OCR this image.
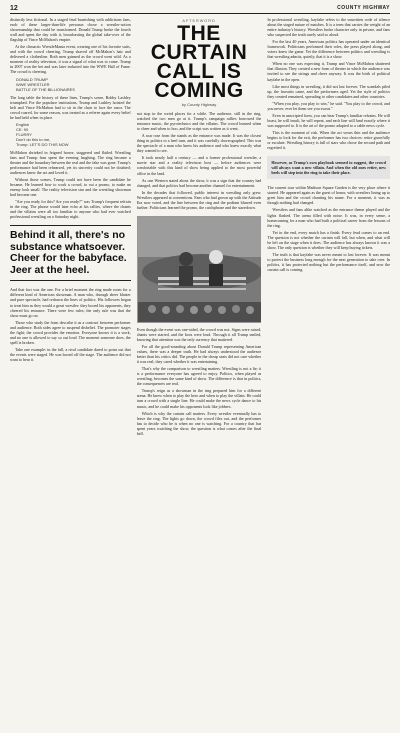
12	COUNTY HIGHWAY

distinctly less fictional. In a staged feud burnishing with addictions fans, each of these larger-than-life personas chose a wrestler-action showmanship that could be transformed. Donald Trump broke the fourth wall and spent the day with it, broadcasting the global take-over of the flagship of Vince McMahon's empire.

At the climactic WrestleMania event, wearing one of his favorite suits, and with the crowd cheering, Trump shaved off McMahon's hair and delivered a clothesline. Both men grinned as the crowd went wild. As a moment of reality television, it was a signal of what was to come. Trump in 2007 won the bet and was later inducted into the WWE Hall of Fame. The crowd is cheering.

DONALD TRUMP
WWE WRESTLER
BATTLE OF THE BILLIONAIRES

The long table the history of these lines, Trump's scene, Bobby Lashley triumphed. For the populace institutions, Trump and Lashley hoisted the belt and Vince McMahon had to sit in the chair to face the razor. The crowd roared, for some reason, was treated as a referee again every belief he had held when in place.

English
CE: 90
FLURRY
Don't do this to me,
Trump: LET'S DO THIS NOW

McMahon shrieked in feigned horror, staggered and flailed. Wrestling fans and Trump fans spent the evening laughing. The ring became a theater and the boundary between the real and the fake was gone. Trump's performance had been rehearsed, yet its sincerity could not be doubted; audiences knew the act and loved it.

Without those scenes, Trump could not have been the candidate he became. He learned how to work a crowd, to cut a promo, to make an enemy look small. The reality television star and the wrestling showman had become one.

"Are you ready for this? Are you ready?" was Trump's frequent refrain in the ring. The phrase would later echo at his rallies, where the chants and the villains were all too familiar to anyone who had ever watched professional wrestling on a Saturday night.

Behind it all, there's no substance whatsoever. Cheer for the babyface. Jeer at the heel.

And that fact was the one. For a brief moment the ring made room for a different kind of American showman. A man who, through sheer bluster and pure spectacle, had redrawn the lines of politics. His followers began to treat him as they would a great wrestler: they booed his opponents, they cheered his entrance. There were few rules; the only rule was that the show must go on.

Those who study the form describe it as a contract between performer and audience. Both sides agree to suspend disbelief. The promoter stages the fight; the crowd provides the emotion. Everyone knows it is a work, and no one is allowed to say so out loud. The moment someone does, the spell is broken.

Take one example: in the fall, a rival candidate dared to point out that the events were staged. He was booed off the stage. The audience did not want to hear it.

AFTERWORD
THE CURTAIN CALL IS COMING
by County Highway

not stop in the weird places for a while. The audience, still in the ring, watched the two men go at it. Trump's campaign rallies borrowed the entrance music, the pyrotechnics and the villains. The crowd learned when to cheer and when to boo, and the script was written as it went.

A roar rose from the stands as the entrance was made. It was the closest thing in politics to a heel turn, and it was carefully choreographed. This was the spectacle of a man who knew his audience and who knew exactly what they wanted to see.

It took nearly half a century — and a former professional wrestler, a movie star and a reality television host — before audiences were comfortable with this kind of show being applied to the most powerful office in the land.

As one Western stated about the show, it was a sign that the country had changed, and that politics had become another channel for entertainment.

In the decades that followed, public interest in wrestling only grew. Wrestlers appeared at conventions. Fans who had grown up with the Attitude Era now voted, and the line between the ring and the podium blurred even further. Politicians learned the promo, the catchphrase and the staredown.

Even though the event was one-sided, the crowd was not. Signs were raised, chants were started, and the boos were loud. Through it all Trump smiled, knowing that attention was the only currency that mattered.

For all the good-sounding about Donald Trump representing American values, there was a deeper truth. He had always understood the audience better than his critics did. The people in the cheap seats did not care whether it was real; they cared whether it was entertaining.

That's why the comparison to wrestling matters. Wrestling is not a lie; it is a performance everyone has agreed to enjoy. Politics, when played as wrestling, becomes the same kind of show. The difference is that in politics, the consequences are real.

Trump's reign as a showman in the ring prepared him for a different arena. He knew when to play the hero and when to play the villain. He could turn a crowd with a single line. He could make the news cycle dance to his music, and he could make his opponents look like jobbers.

Which is why the curtain call matters. Every wrestler eventually has to leave the ring. The lights go down, the crowd files out, and the performer has to decide who he is when no one is watching. For a country that has spent years watching the show, the question is what comes after the final bell.

In professional wrestling, kayfabe refers to the unwritten code of silence about the staged nature of matches. It is a term that carries the weight of an entire industry's history. Wrestlers broke character only in private, and fans who suspected the truth rarely said so aloud.

For the last 40 years, American politics has operated under an identical framework. Politicians performed their roles, the press played along, and voters knew the game. Yet the difference between politics and wrestling is that wrestling admits, quietly, that it is a show.

When no one was expecting it, Trump and Vince McMahon shattered that illusion. They created a new form of theater in which the audience was invited to see the strings and cheer anyway. It was the birth of political kayfabe in the open.

Like most things in wrestling, it did not last forever. The scandals piled up, the lawsuits came, and the performers aged. Yet the style of politics they created remained, spreading to other candidates and other countries.

"When you play, you play to win," he said. "You play to the crowd, and you never, ever let them see you sweat."

Even in unscripted form, you can hear Trump's familiar refrains. He will boast, he will insult, he will repeat, and each line will land exactly where it was supposed to. It is the art of the promo adapted to a cable news cycle.

This is the moment of risk. When the act wears thin and the audience begins to look for the exit, the performer has two choices: retire gracefully or escalate. Wrestling history is full of stars who chose the second path and regretted it.

However, as Trump's own playbook seemed to suggest, the crowd will always want a new villain. And when the old ones retire, new heels will step into the ring to take their place.

The current tour within Madison Square Garden is the very place where it started. He appeared again as the guest of honor, with wrestlers lining up to greet him and the crowd chanting his name. For a moment, it was as though nothing had changed.

Wrestlers and fans alike watched as the entrance theme played and the lights flashed. The arena filled with noise. It was, in every sense, a homecoming for a man who had built a political career from the lessons of the ring.

Yet in the end, every match has a finish. Every feud comes to an end. The question is not whether the curtain will fall, but when, and what will be left on the stage when it does. The audience has always known it was a show. The only question is whether they will keep buying tickets.

The truth is that kayfabe was never meant to last forever. It was meant to protect the business long enough for the next generation to take over. In politics, it has protected nothing but the performance itself, and now the curtain call is coming.
